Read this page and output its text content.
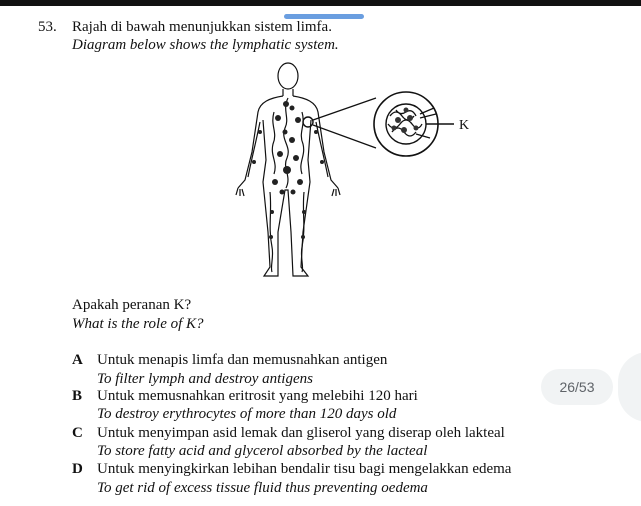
53. Rajah di bawah menunjukkan sistem limfa.
Diagram below shows the lymphatic system.
K
Apakah peranan K?
What is the role of K?
A Untuk menapis limfa dan memusnahkan antigen
To filter lymph and destroy antigens
B Untuk memusnahkan eritrosit yang melebihi 120 hari
To destroy erythrocytes of more than 120 days old
C Untuk menyimpan asid lemak dan gliserol yang diserap oleh lakteal
To store fatty acid and glycerol absorbed by the lacteal
D Untuk menyingkirkan lebihan bendalir tisu bagi mengelakkan edema
To get rid of excess tissue fluid thus preventing oedema
26/53
